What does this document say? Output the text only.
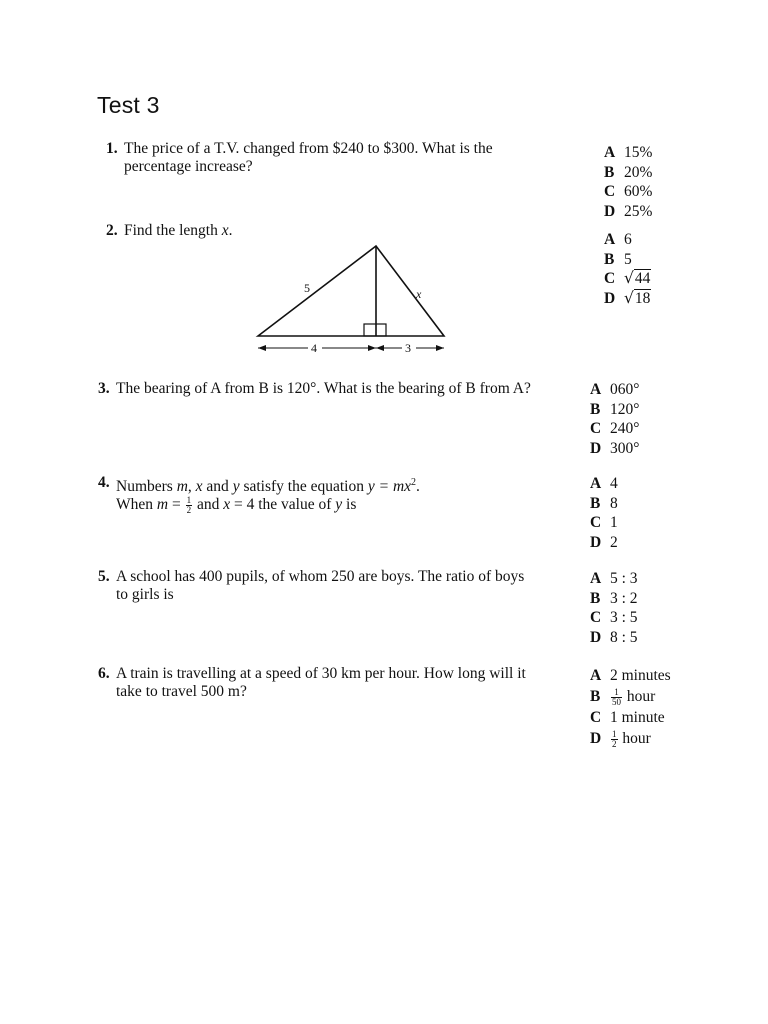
Test 3
1. The price of a T.V. changed from $240 to $300. What is the
percentage increase?
A 15%
B 20%
C 60%
D 25%
2. Find the length x.
A 6
B 5
C √44
D √18
5	x
4	3
3. The bearing of A from B is 120°. What is the bearing of B from A?	A 060°
B 120°
C 240°
D 300°
4. Numbers m, x and y satisfy the equation $y = mx^2$.
When $m = \frac{1}{2}$ and x = 4 the value of y is
A 4
B 8
C 1
D 2
5. A school has 400 pupils, of whom 250 are boys. The ratio of boys
to girls is
A 5 : 3
B 3 : 2
C 3 : 5
D 8 : 5
6. A train is travelling at a speed of 30 km per hour. How long will it
take to travel 500 m?
A 2 minutes
B $\frac{1}{50}$ hour
C 1 minute
D $\frac{1}{2}$ hour
